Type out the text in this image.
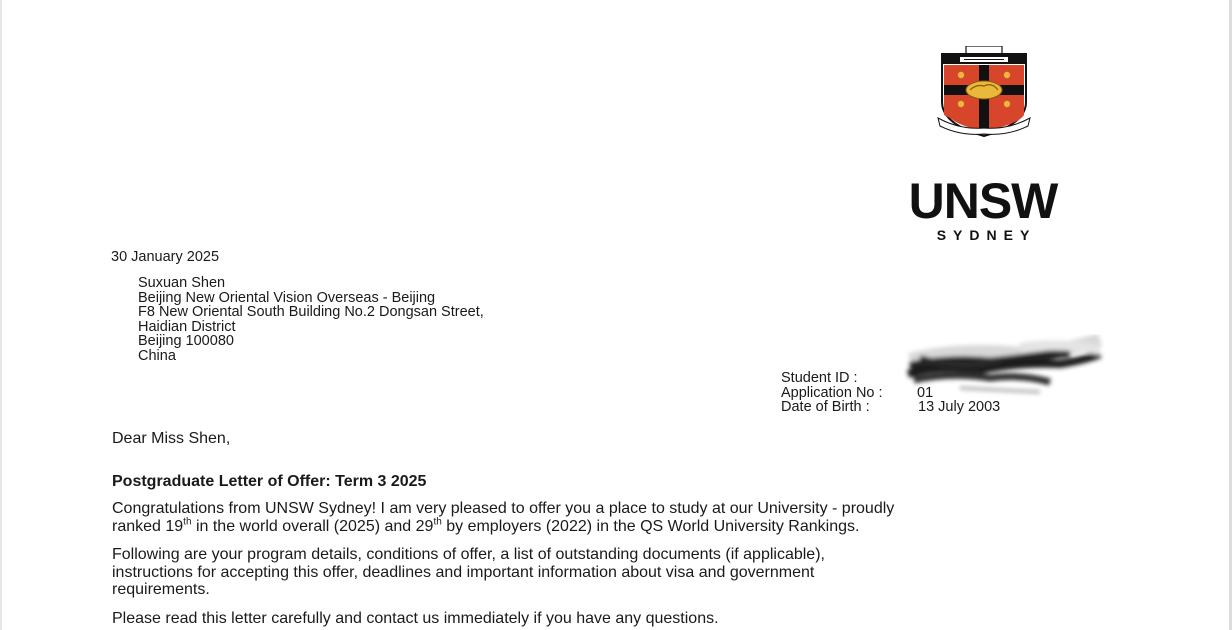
UNSW
SYDNEY
30 January 2025
Suxuan Shen
Beijing New Oriental Vision Overseas - Beijing
F8 New Oriental South Building No.2 Dongsan Street,
Haidian District
Beijing 100080
China
Student ID :
Application No : 01
Date of Birth :	13 July 2003
Dear Miss Shen,
Postgraduate Letter of Offer: Term 3 2025
Congratulations from UNSW Sydney! I am very pleased to offer you a place to study at our University - proudly
ranked 19th in the world overall (2025) and 29th by employers (2022) in the QS World University Rankings.
Following are your program details, conditions of offer, a list of outstanding documents (if applicable),
instructions for accepting this offer, deadlines and important information about visa and government
requirements.
Please read this letter carefully and contact us immediately if you have any questions.
